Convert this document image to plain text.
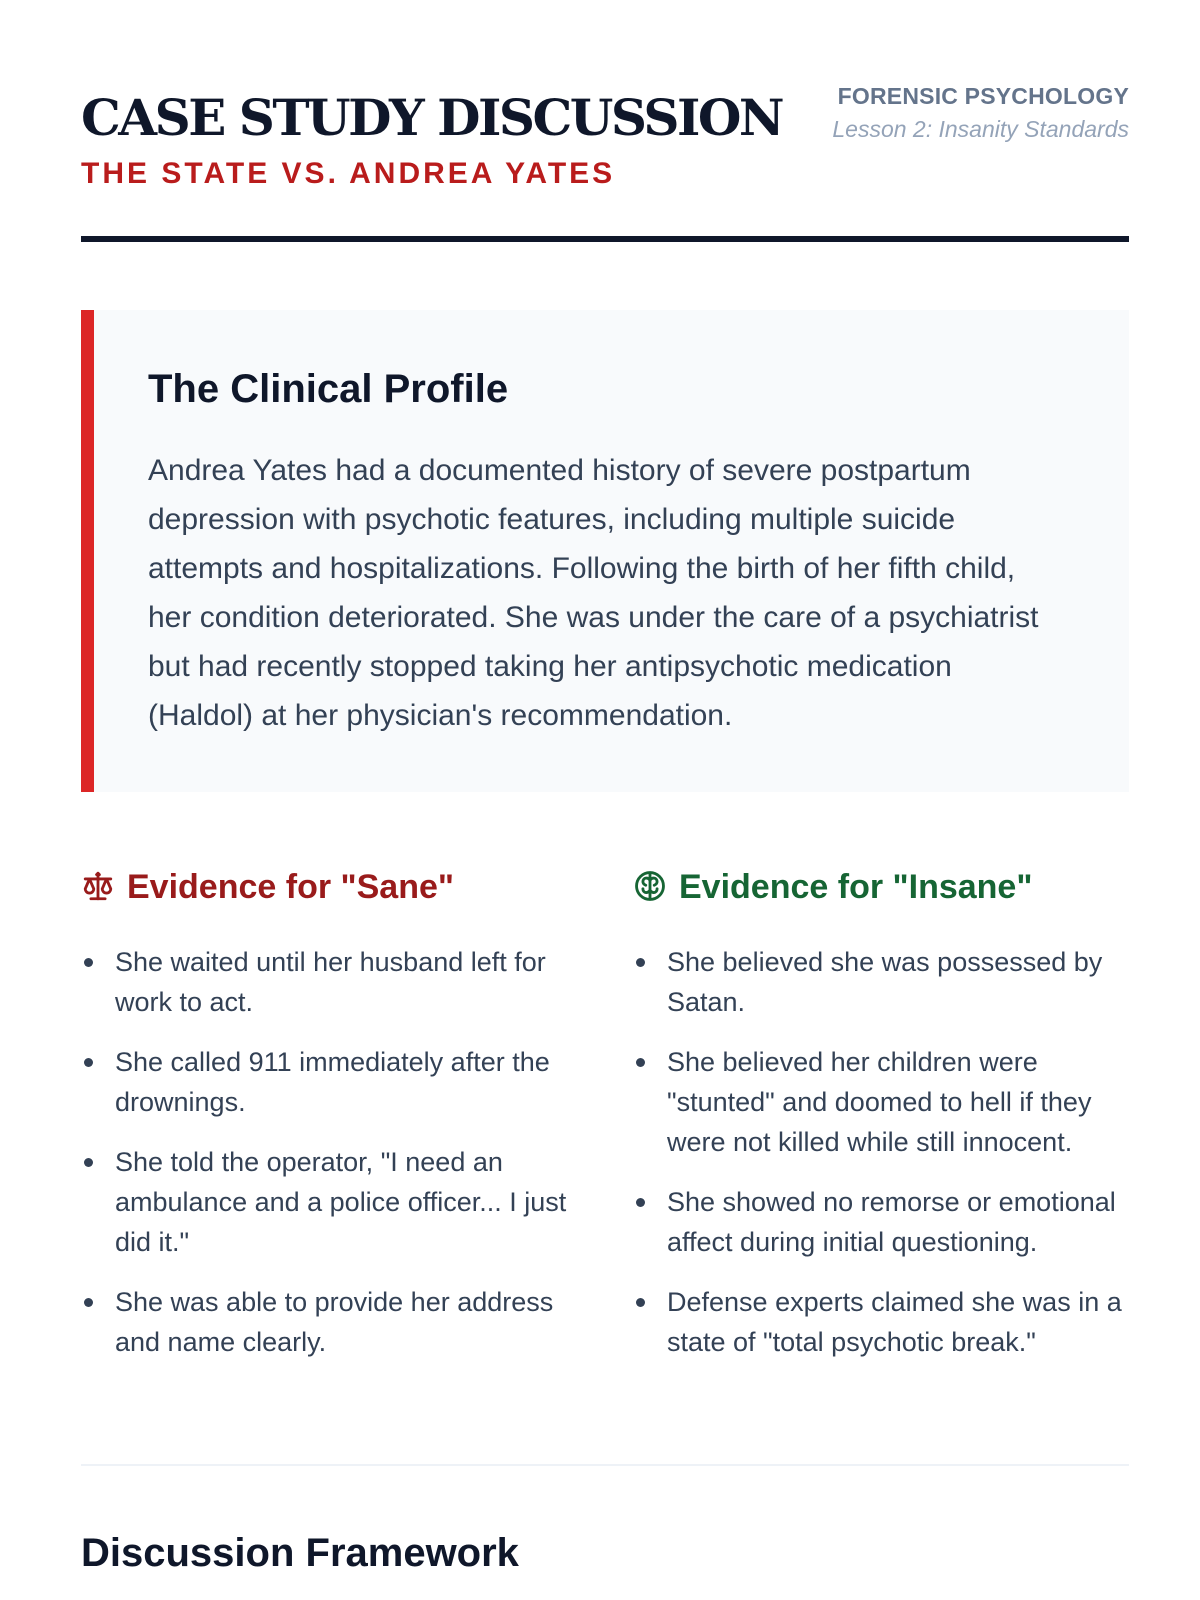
CASE STUDY DISCUSSION
THE STATE VS. ANDREA YATES
FORENSIC PSYCHOLOGY
Lesson 2: Insanity Standards
The Clinical Profile

Andrea Yates had a documented history of severe postpartum depression with psychotic features, including multiple suicide attempts and hospitalizations. Following the birth of her fifth child, her condition deteriorated. She was under the care of a psychiatrist but had recently stopped taking her antipsychotic medication (Haldol) at her physician's recommendation.

Evidence for "Sane"
She waited until her husband left for work to act.
She called 911 immediately after the drownings.
She told the operator, "I need an ambulance and a police officer... I just did it."
She was able to provide her address and name clearly.
Evidence for "Insane"
She believed she was possessed by Satan.
She believed her children were "stunted" and doomed to hell if they were not killed while still innocent.
She showed no remorse or emotional affect during initial questioning.
Defense experts claimed she was in a state of "total psychotic break."
Discussion Framework
